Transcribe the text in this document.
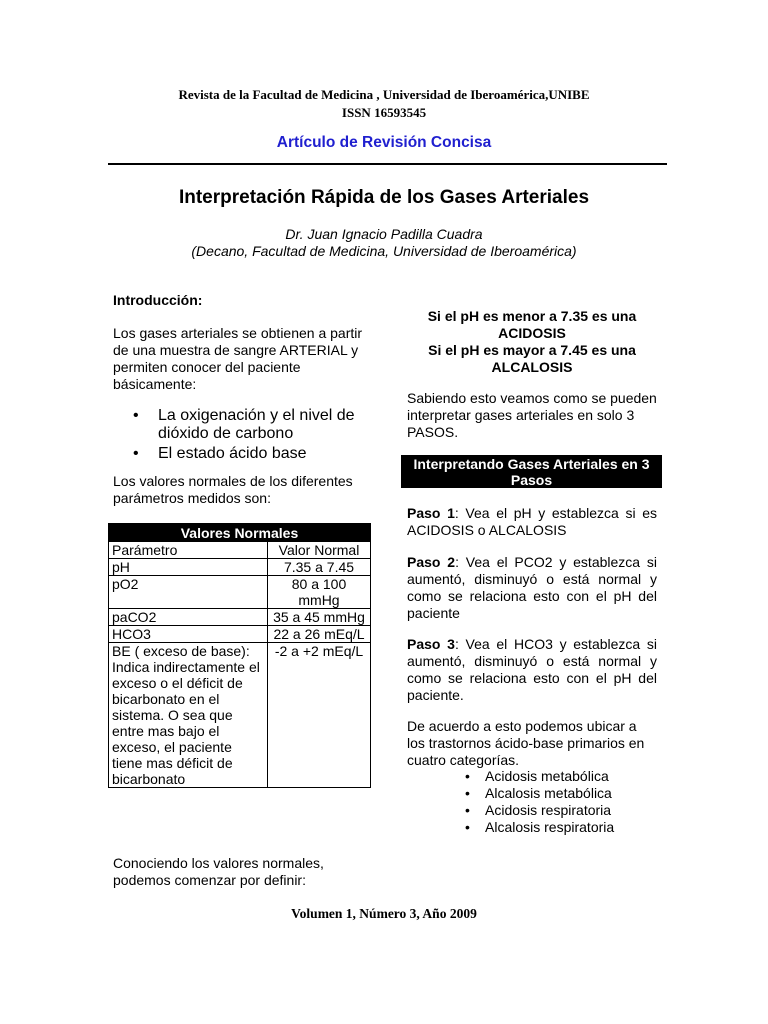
Revista de la Facultad de Medicina , Universidad de Iberoamérica,UNIBE
ISSN 16593545
Artículo de Revisión Concisa
Interpretación Rápida de los Gases Arteriales
Dr. Juan Ignacio Padilla Cuadra
(Decano, Facultad de Medicina, Universidad de Iberoamérica)
Introducción:
Los gases arteriales se obtienen a partir de una muestra de sangre ARTERIAL y permiten conocer del paciente básicamente:
• La oxigenación y el nivel de dióxido de carbono
• El estado ácido base
Los valores normales de los diferentes parámetros medidos son:
Valores Normales	
Parámetro	Valor Normal
pH	7.35 a 7.45
pO2	80 a 100 mmHg
paCO2	35 a 45 mmHg
HCO3	22 a 26 mEq/L
BE ( exceso de base): Indica indirectamente el exceso o el déficit de bicarbonato en el sistema. O sea que entre mas bajo el exceso, el paciente tiene mas déficit de bicarbonato	-2 a +2 mEq/L
Conociendo los valores normales, podemos comenzar por definir:
Si el pH es menor a 7.35 es una
ACIDOSIS
Si el pH es mayor a 7.45 es una
ALCALOSIS
Sabiendo esto veamos como se pueden interpretar gases arteriales en solo 3 PASOS.
Interpretando Gases Arteriales en 3 Pasos
Paso 1: Vea el pH y establezca si es ACIDOSIS o ALCALOSIS
Paso 2: Vea el PCO2 y establezca si aumentó, disminuyó o está normal y como se relaciona esto con el pH del paciente
Paso 3: Vea el HCO3 y establezca si aumentó, disminuyó o está normal y como se relaciona esto con el pH del paciente.
De acuerdo a esto podemos ubicar a los trastornos ácido-base primarios en cuatro categorías.
• Acidosis metabólica
• Alcalosis metabólica
• Acidosis respiratoria
• Alcalosis respiratoria
Volumen 1, Número 3, Año 2009
